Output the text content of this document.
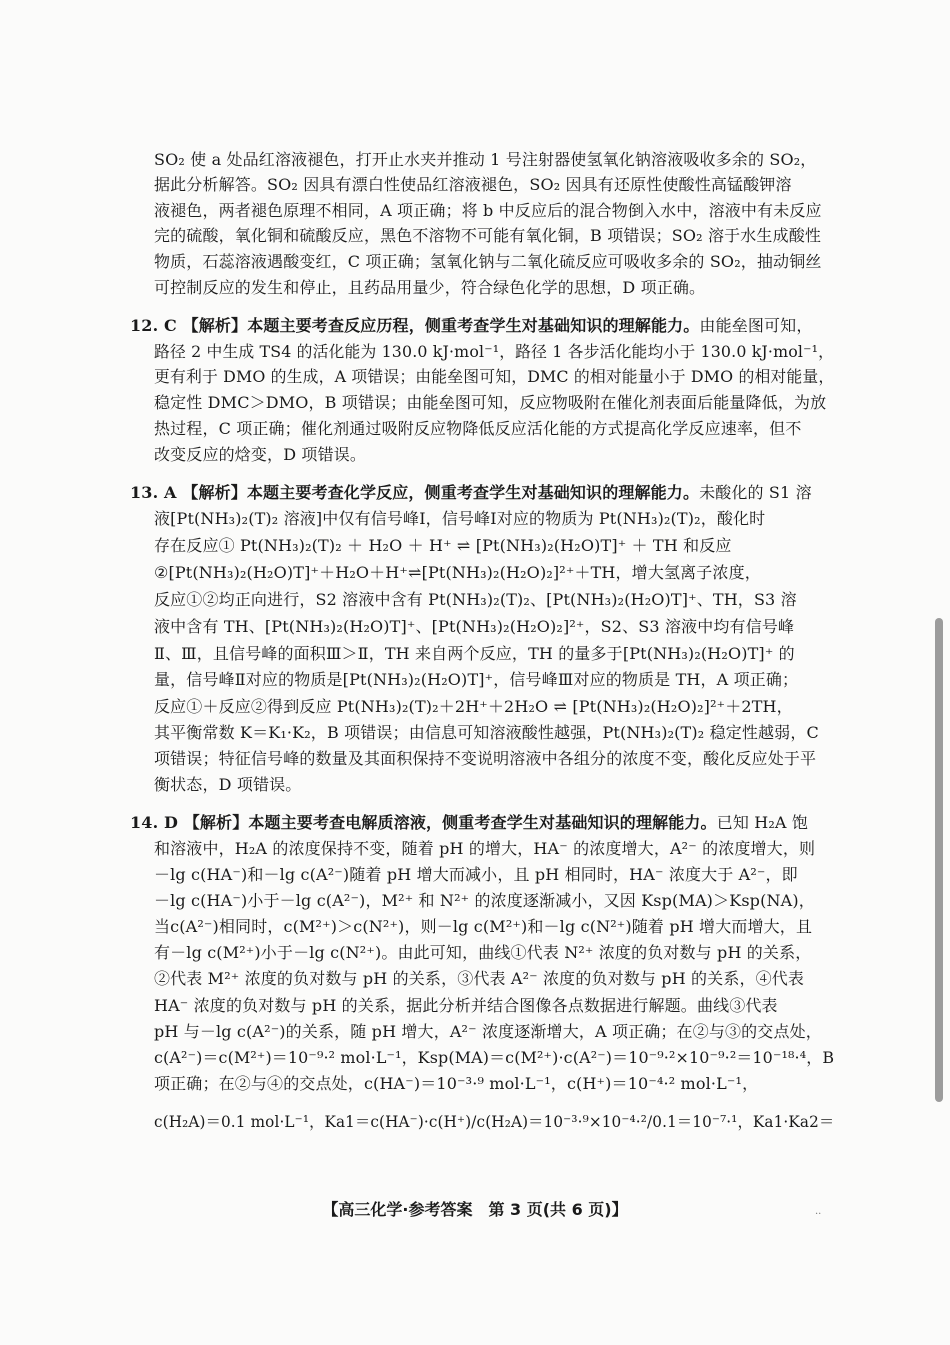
SO₂ 使 a 处品红溶液褪色，打开止水夹并推动 1 号注射器使氢氧化钠溶液吸收多余的 SO₂，
据此分析解答。SO₂ 因具有漂白性使品红溶液褪色，SO₂ 因具有还原性使酸性高锰酸钾溶
液褪色，两者褪色原理不相同，A 项正确；将 b 中反应后的混合物倒入水中，溶液中有未反应
完的硫酸，氧化铜和硫酸反应，黑色不溶物不可能有氧化铜，B 项错误；SO₂ 溶于水生成酸性
物质，石蕊溶液遇酸变红，C 项正确；氢氧化钠与二氧化硫反应可吸收多余的 SO₂，抽动铜丝
可控制反应的发生和停止，且药品用量少，符合绿色化学的思想，D 项正确。
12. C 【解析】本题主要考查反应历程，侧重考查学生对基础知识的理解能力。由能垒图可知，
路径 2 中生成 TS4 的活化能为 130.0 kJ·mol⁻¹，路径 1 各步活化能均小于 130.0 kJ·mol⁻¹，
更有利于 DMO 的生成，A 项错误；由能垒图可知，DMC 的相对能量小于 DMO 的相对能量，
稳定性 DMC＞DMO，B 项错误；由能垒图可知，反应物吸附在催化剂表面后能量降低，为放
热过程，C 项正确；催化剂通过吸附反应物降低反应活化能的方式提高化学反应速率，但不
改变反应的焓变，D 项错误。
13. A 【解析】本题主要考查化学反应，侧重考查学生对基础知识的理解能力。未酸化的 S1 溶
液[Pt(NH₃)₂(T)₂ 溶液]中仅有信号峰Ⅰ，信号峰Ⅰ对应的物质为 Pt(NH₃)₂(T)₂，酸化时
存在反应① Pt(NH₃)₂(T)₂ ＋ H₂O ＋ H⁺ ⇌ [Pt(NH₃)₂(H₂O)T]⁺ ＋ TH 和反应
②[Pt(NH₃)₂(H₂O)T]⁺＋H₂O＋H⁺⇌[Pt(NH₃)₂(H₂O)₂]²⁺＋TH，增大氢离子浓度，
反应①②均正向进行，S2 溶液中含有 Pt(NH₃)₂(T)₂、[Pt(NH₃)₂(H₂O)T]⁺、TH，S3 溶
液中含有 TH、[Pt(NH₃)₂(H₂O)T]⁺、[Pt(NH₃)₂(H₂O)₂]²⁺，S2、S3 溶液中均有信号峰
Ⅱ、Ⅲ，且信号峰的面积Ⅲ＞Ⅱ，TH 来自两个反应，TH 的量多于[Pt(NH₃)₂(H₂O)T]⁺ 的
量，信号峰Ⅱ对应的物质是[Pt(NH₃)₂(H₂O)T]⁺，信号峰Ⅲ对应的物质是 TH，A 项正确；
反应①＋反应②得到反应 Pt(NH₃)₂(T)₂＋2H⁺＋2H₂O ⇌ [Pt(NH₃)₂(H₂O)₂]²⁺＋2TH，
其平衡常数 K＝K₁·K₂，B 项错误；由信息可知溶液酸性越强，Pt(NH₃)₂(T)₂ 稳定性越弱，C
项错误；特征信号峰的数量及其面积保持不变说明溶液中各组分的浓度不变，酸化反应处于平
衡状态，D 项错误。
14. D 【解析】本题主要考查电解质溶液，侧重考查学生对基础知识的理解能力。已知 H₂A 饱
和溶液中，H₂A 的浓度保持不变，随着 pH 的增大，HA⁻ 的浓度增大，A²⁻ 的浓度增大，则
－lg c(HA⁻)和－lg c(A²⁻)随着 pH 增大而减小，且 pH 相同时，HA⁻ 浓度大于 A²⁻，即
－lg c(HA⁻)小于－lg c(A²⁻)，M²⁺ 和 N²⁺ 的浓度逐渐减小，又因 Ksp(MA)＞Ksp(NA)，
当c(A²⁻)相同时，c(M²⁺)＞c(N²⁺)，则－lg c(M²⁺)和－lg c(N²⁺)随着 pH 增大而增大，且
有－lg c(M²⁺)小于－lg c(N²⁺)。由此可知，曲线①代表 N²⁺ 浓度的负对数与 pH 的关系，
②代表 M²⁺ 浓度的负对数与 pH 的关系，③代表 A²⁻ 浓度的负对数与 pH 的关系，④代表
HA⁻ 浓度的负对数与 pH 的关系，据此分析并结合图像各点数据进行解题。曲线③代表
pH 与－lg c(A²⁻)的关系，随 pH 增大，A²⁻ 浓度逐渐增大，A 项正确；在②与③的交点处，
c(A²⁻)＝c(M²⁺)＝10⁻⁹·² mol·L⁻¹，Ksp(MA)＝c(M²⁺)·c(A²⁻)＝10⁻⁹·²×10⁻⁹·²＝10⁻¹⁸·⁴，B
项正确；在②与④的交点处，c(HA⁻)＝10⁻³·⁹ mol·L⁻¹，c(H⁺)＝10⁻⁴·² mol·L⁻¹，
c(H₂A)＝0.1 mol·L⁻¹，Ka1＝c(HA⁻)·c(H⁺)/c(H₂A)＝10⁻³·⁹×10⁻⁴·²/0.1＝10⁻⁷·¹，Ka1·Ka2＝
【高三化学·参考答案　第 3 页(共 6 页)】	..
